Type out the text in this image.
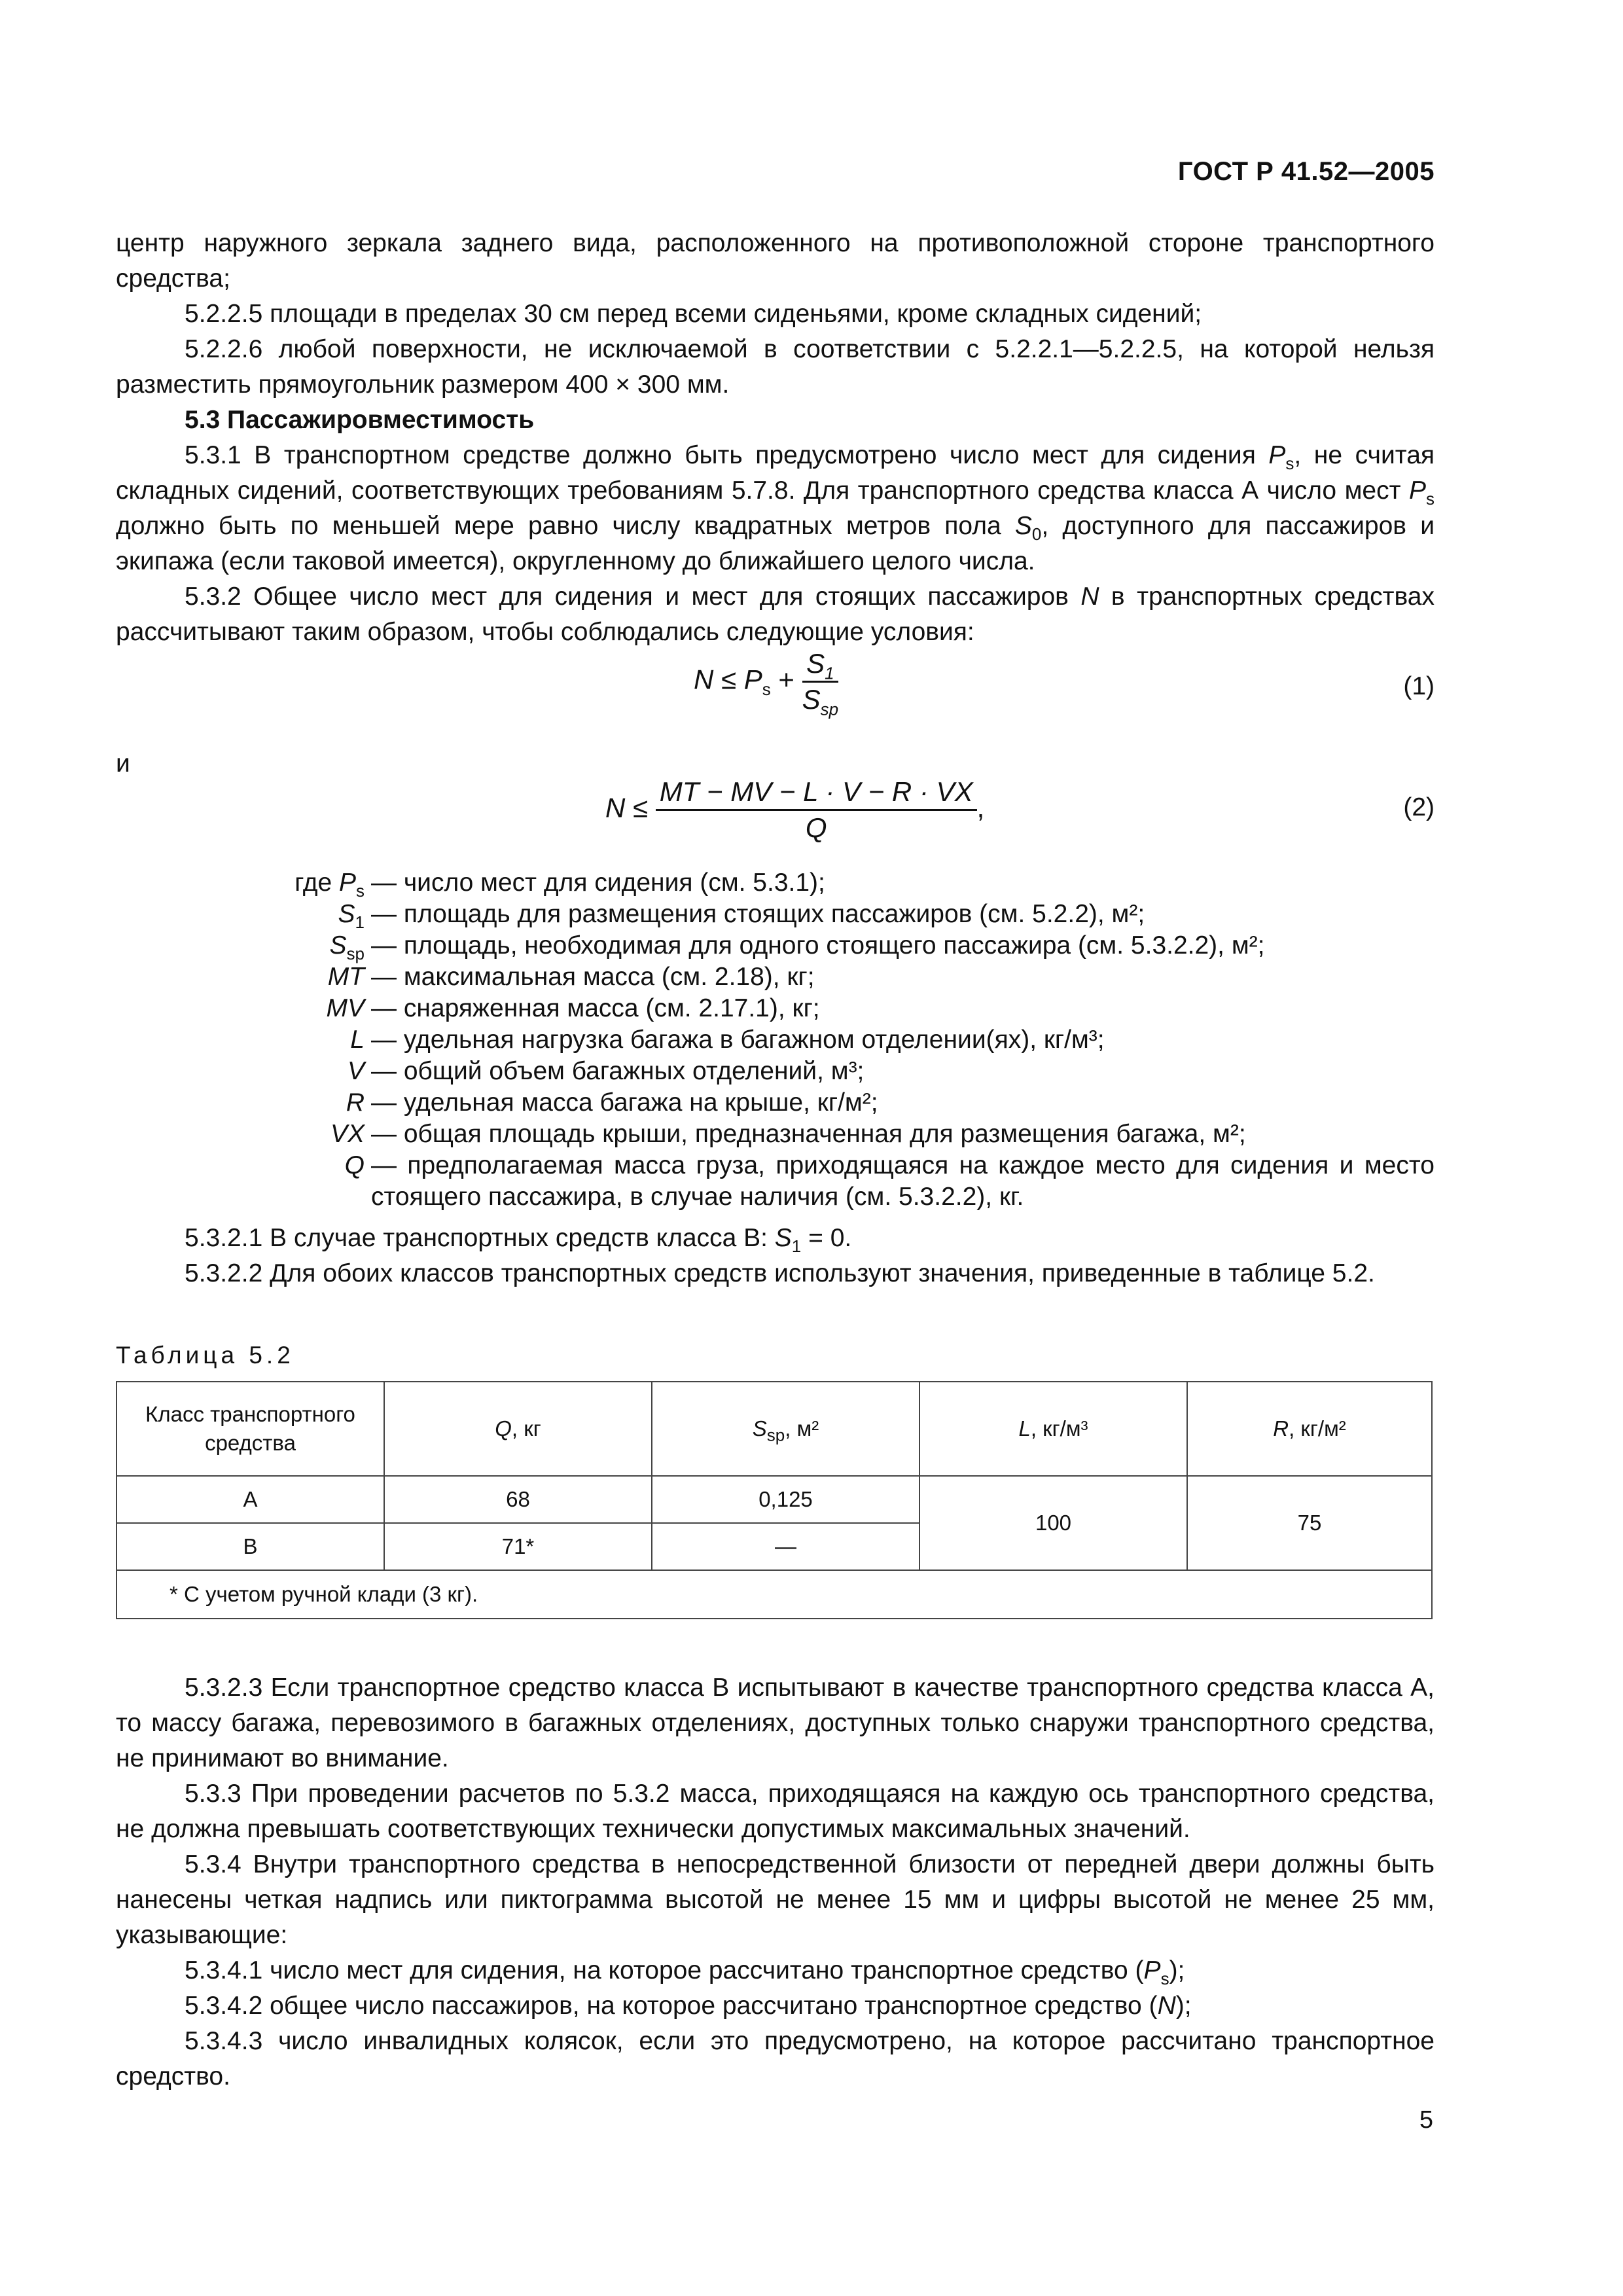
ГОСТ Р 41.52—2005

центр наружного зеркала заднего вида, расположенного на противоположной стороне транспортного средства;

5.2.2.5 площади в пределах 30 см перед всеми сиденьями, кроме складных сидений;

5.2.2.6 любой поверхности, не исключаемой в соответствии с 5.2.2.1—5.2.2.5, на которой нельзя разместить прямоугольник размером 400 × 300 мм.

5.3 Пассажировместимость

5.3.1 В транспортном средстве должно быть предусмотрено число мест для сидения $P_s$, не считая складных сидений, соответствующих требованиям 5.7.8. Для транспортного средства класса А число мест $P_s$ должно быть по меньшей мере равно числу квадратных метров пола $S_0$, доступного для пассажиров и экипажа (если таковой имеется), округленному до ближайшего целого числа.

5.3.2 Общее число мест для сидения и мест для стоящих пассажиров N в транспортных средствах рассчитывают таким образом, чтобы соблюдались следующие условия:

$N \le P_s + \frac{S_1}{S_{sp}}$	(1)
и
$N \le \frac{MT - MV - L \cdot V - R \cdot VX}{Q}$ ,	(2)
где $P_s$ — число мест для сидения (см. 5.3.1);
$S_1$ — площадь для размещения стоящих пассажиров (см. 5.2.2), м²;
$S_{sp}$ — площадь, необходимая для одного стоящего пассажира (см. 5.3.2.2), м²;
MT — максимальная масса (см. 2.18), кг;
MV — снаряженная масса (см. 2.17.1), кг;
L — удельная нагрузка багажа в багажном отделении(ях), кг/м³;
V — общий объем багажных отделений, м³;
R — удельная масса багажа на крыше, кг/м²;
VX — общая площадь крыши, предназначенная для размещения багажа, м²;
Q — предполагаемая масса груза, приходящаяся на каждое место для сидения и место стоящего пассажира, в случае наличия (см. 5.3.2.2), кг.

5.3.2.1 В случае транспортных средств класса В: $S_1 = 0$.

5.3.2.2 Для обоих классов транспортных средств используют значения, приведенные в таблице 5.2.

Таблица 5.2
Класс транспортного средства	Q, кг	$S_{sp}$, м²	L, кг/м³	R, кг/м²
А	68	0,125	100	75
В	71*	—		
* С учетом ручной клади (3 кг).				

5.3.2.3 Если транспортное средство класса В испытывают в качестве транспортного средства класса А, то массу багажа, перевозимого в багажных отделениях, доступных только снаружи транспортного средства, не принимают во внимание.

5.3.3 При проведении расчетов по 5.3.2 масса, приходящаяся на каждую ось транспортного средства, не должна превышать соответствующих технически допустимых максимальных значений.

5.3.4 Внутри транспортного средства в непосредственной близости от передней двери должны быть нанесены четкая надпись или пиктограмма высотой не менее 15 мм и цифры высотой не менее 25 мм, указывающие:

5.3.4.1 число мест для сидения, на которое рассчитано транспортное средство $(P_s)$;

5.3.4.2 общее число пассажиров, на которое рассчитано транспортное средство (N);

5.3.4.3 число инвалидных колясок, если это предусмотрено, на которое рассчитано транспортное средство.

5
